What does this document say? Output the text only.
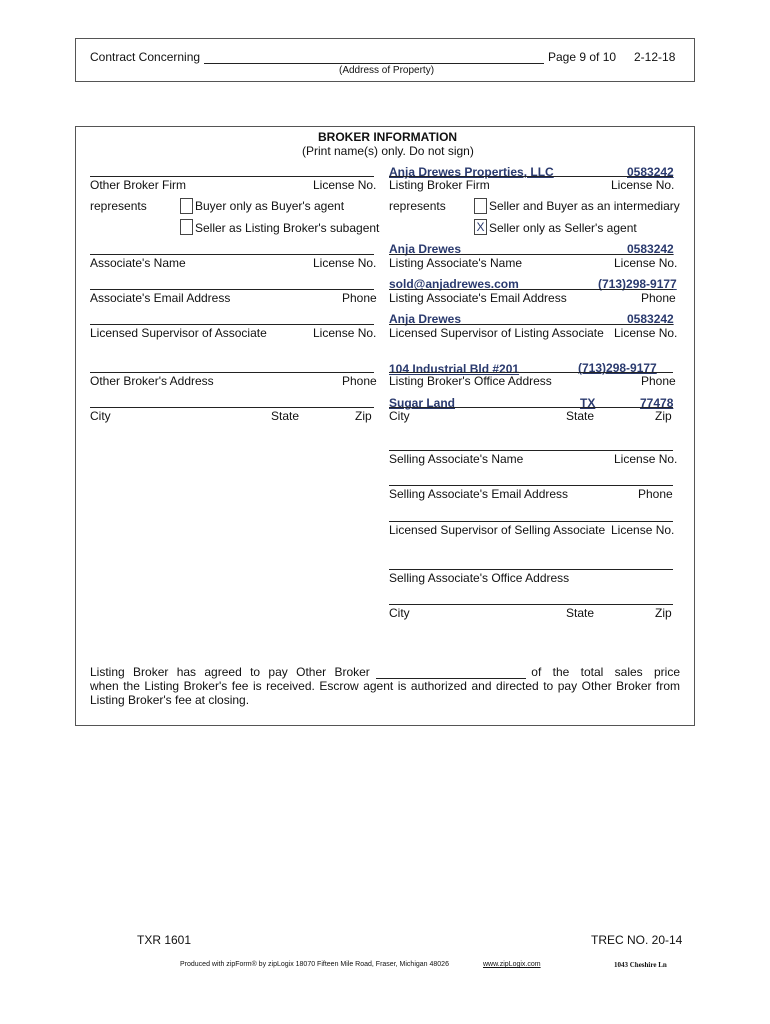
Contract Concerning
(Address of Property)
Page 9 of 10 2-12-18
BROKER INFORMATION
(Print name(s) only. Do not sign)
Other Broker Firm	License No.
represents	Buyer only as Buyer's agent
Seller as Listing Broker's subagent
Associate's Name	License No.
Associate's Email Address	Phone
Licensed Supervisor of Associate	License No.
Other Broker's Address	Phone
City	State	Zip
Anja Drewes Properties, LLC	0583242
Listing Broker Firm	License No.
represents	Seller and Buyer as an intermediary
X Seller only as Seller's agent
Anja Drewes	0583242
Listing Associate's Name	License No.
sold@anjadrewes.com	(713)298-9177
Listing Associate's Email Address	Phone
Anja Drewes	0583242
Licensed Supervisor of Listing Associate License No.
104 Industrial Bld #201	(713)298-9177
Listing Broker's Office Address	Phone
Sugar Land	TX	77478
City	State	Zip
Selling Associate's Name	License No.
Selling Associate's Email Address	Phone
Licensed Supervisor of Selling Associate License No.
Selling Associate's Office Address
City	State	Zip
Listing Broker has agreed to pay Other Broker	of the total sales price
when the Listing Broker's fee is received. Escrow agent is authorized and directed to pay Other Broker from Listing Broker's fee at closing.
TXR 1601	TREC NO. 20-14
Produced with zipForm® by zipLogix 18070 Fifteen Mile Road, Fraser, Michigan 48026	www.zipLogix.com	1043 Cheshire Ln
